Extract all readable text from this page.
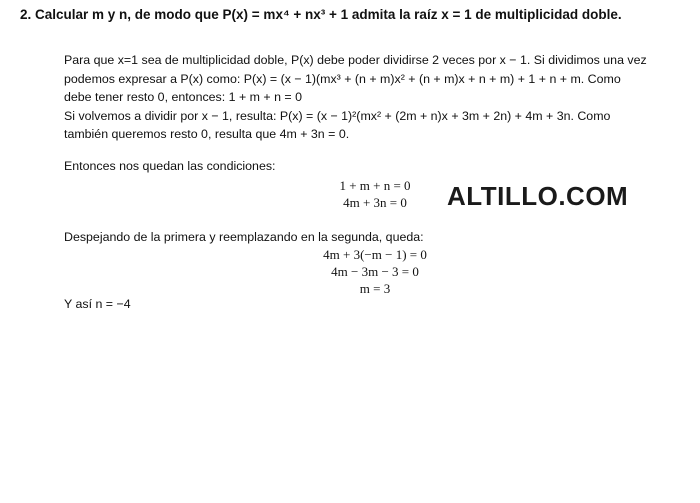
2. Calcular m y n, de modo que P(x) = mx⁴ + nx³ + 1 admita la raíz x = 1 de multiplicidad doble.
Para que x=1 sea de multiplicidad doble, P(x) debe poder dividirse 2 veces por x − 1. Si dividimos una vez
podemos expresar a P(x) como: P(x) = (x − 1)(mx³ + (n + m)x² + (n + m)x + n + m) + 1 + n + m. Como
debe tener resto 0, entonces: 1 + m + n = 0
Si volvemos a dividir por x − 1, resulta: P(x) = (x − 1)²(mx² + (2m + n)x + 3m + 2n) + 4m + 3n. Como
también queremos resto 0, resulta que 4m + 3n = 0.
Entonces nos quedan las condiciones:
1 + m + n = 0
4m + 3n = 0	ALTILLO.COM
Despejando de la primera y reemplazando en la segunda, queda:
4m + 3(−m − 1) = 0
4m − 3m − 3 = 0
m = 3
Y así n = −4
